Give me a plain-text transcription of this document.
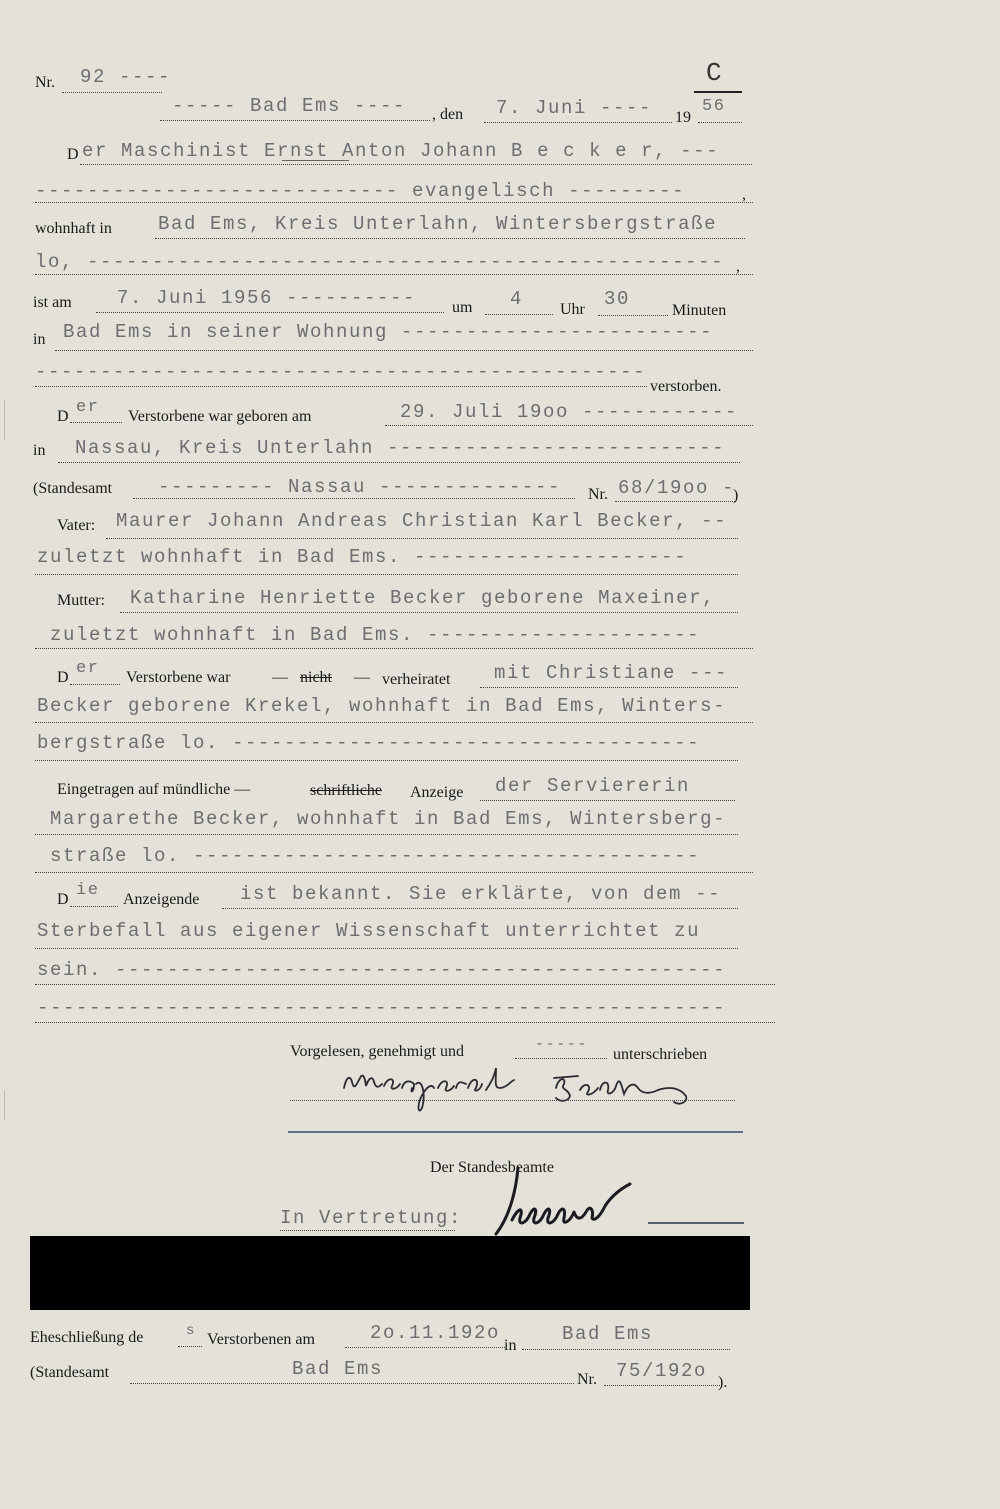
C
Nr. 92 ----
----- Bad Ems ---- , den 7. Juni ---- 19
56
D er Maschinist Ernst Anton Johann B e c k e r, ---
---------------------------- evangelisch ---------	,
wohnhaft in Bad Ems, Kreis Unterlahn, Wintersbergstraße
lo, ------------------------------------------------- ,
ist am 7. Juni 1956 ---------- um 4 Uhr 30
Minuten
in Bad Ems in seiner Wohnung ------------------------
-----------------------------------------------
verstorben.
D er Verstorbene war geboren am	29. Juli 19oo ------------
in Nassau, Kreis Unterlahn --------------------------
(Standesamt --------- Nassau -------------- Nr. 68/19oo -
)
Vater: Maurer Johann Andreas Christian Karl Becker, --
zuletzt wohnhaft in Bad Ems. ---------------------
Mutter: Katharine Henriette Becker geborene Maxeiner,
zuletzt wohnhaft in Bad Ems. ---------------------
D er Verstorbene war	— nicht — verheiratet mit Christiane ---
Becker geborene Krekel, wohnhaft in Bad Ems, Winters-
bergstraße lo. ------------------------------------
Eingetragen auf mündliche —	schriftliche Anzeige der Serviererin
Margarethe Becker, wohnhaft in Bad Ems, Wintersberg-
straße lo. ---------------------------------------
D ie Anzeigende ist bekannt. Sie erklärte, von dem --
Sterbefall aus eigener Wissenschaft unterrichtet zu
sein. -----------------------------------------------
-----------------------------------------------------
Vorgelesen, genehmigt und	-----
unterschrieben
Der Standesbeamte
In Vertretung:
Eheschließung de	s Verstorbenen am	2o.11.192o
in
Bad Ems
(Standesamt	Bad Ems	Nr. 75/192o
).
